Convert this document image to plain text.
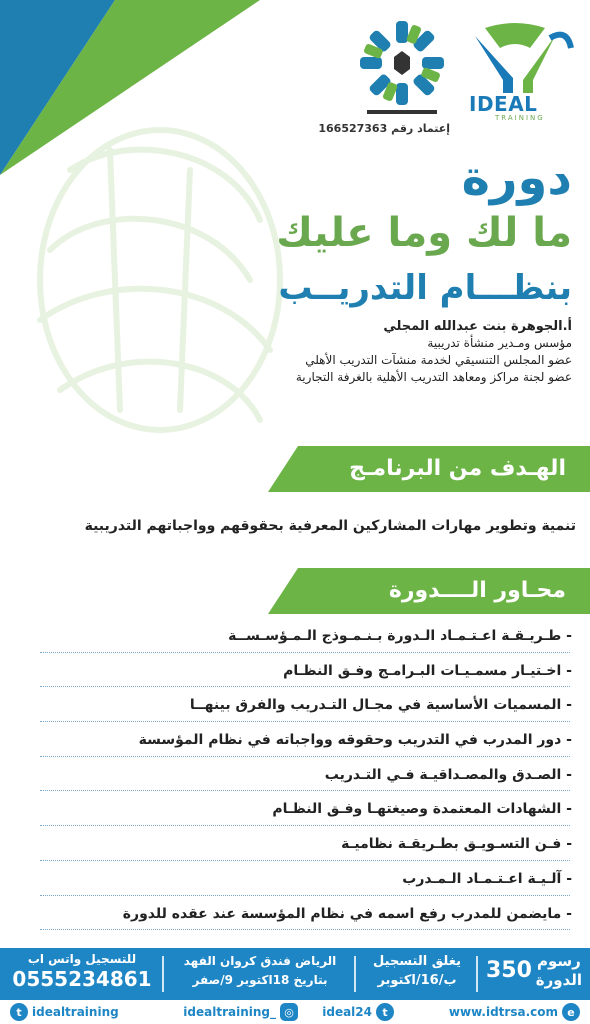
IDEAL
TRAINING
إعتماد رقم 166527363
دورة
ما لك وما عليك
بنظـــام التدريــب
أ.الجوهرة بنت عبدالله المجلي
مؤسس ومـدير منشأة تدريبية
عضو المجلس التنسيقي لخدمة منشآت التدريب الأهلي
عضو لجنة مراكز ومعاهد التدريب الأهلية بالغرفة التجارية
الهـدف من البرنامـج
تنمية وتطوير مهارات المشاركين المعرفية بحقوقهم وواجباتهم التدريبية
محـاور الــــدورة
- طـريـقـة اعـتـمـاد الـدورة بـنـمـوذج الـمـؤسـســة
- اخـتيـار مسمـيـات البـرامـج وفـق النظـام
- المسميات الأساسية في مجـال التـدريب والفرق بينهــا
- دور المدرب في التدريب وحقوقه وواجباته في نظام المؤسسة
- الصـدق والمصـداقيـة فـي التـدريب
- الشهادات المعتمدة وصيغتهـا وفـق النظـام
- فـن التسـويـق بطـريقـة نظاميـة
- آلـيـة اعـتـمـاد الـمـدرب
- مايضمن للمدرب رفع اسمه في نظام المؤسسة عند عقده للدورة
رسوم
الدورة
350
يغلق التسجيل
ب/16/اكتوبر
الرياض فندق كروان الفهد
بتاريخ 18اكتوبر 9/صفر
للتسجيل واتس اب
0555234861
www.idtrsa.com e
ideal24 t
idealtraining_ ◎
t idealtraining
